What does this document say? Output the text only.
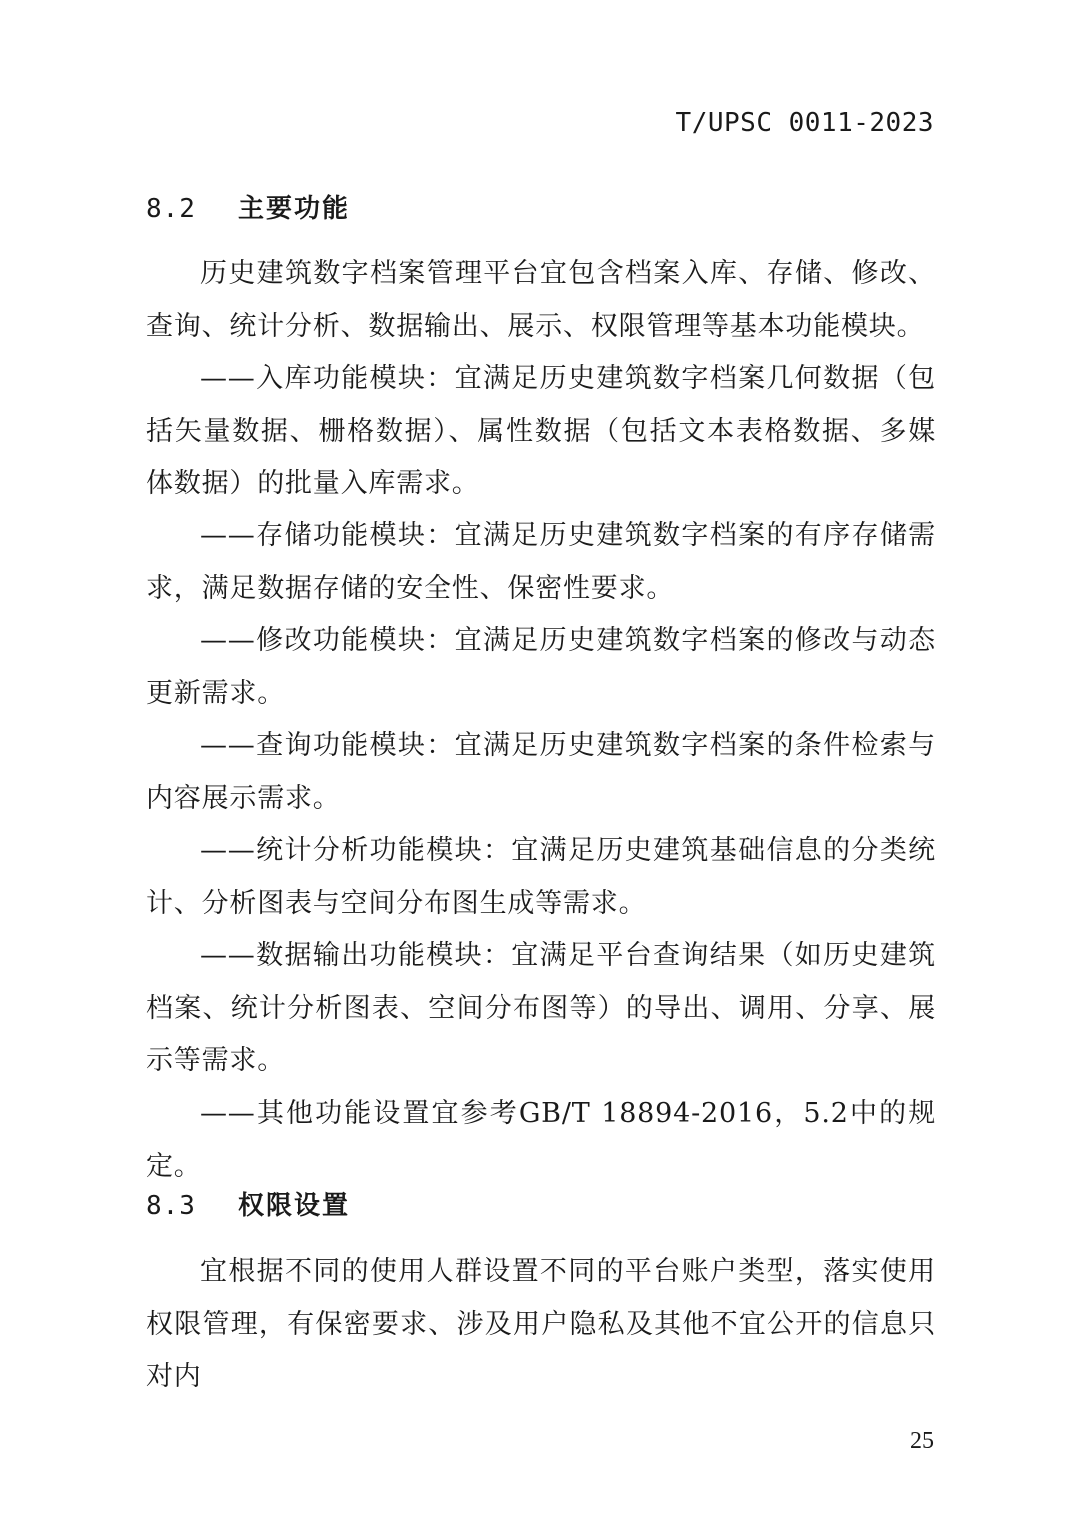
T/UPSC 0011-2023
8.2 主要功能

历史建筑数字档案管理平台宜包含档案入库、存储、修改、查询、统计分析、数据输出、展示、权限管理等基本功能模块。

——入库功能模块：宜满足历史建筑数字档案几何数据（包括矢量数据、栅格数据）、属性数据（包括文本表格数据、多媒体数据）的批量入库需求。

——存储功能模块：宜满足历史建筑数字档案的有序存储需求，满足数据存储的安全性、保密性要求。

——修改功能模块：宜满足历史建筑数字档案的修改与动态更新需求。

——查询功能模块：宜满足历史建筑数字档案的条件检索与内容展示需求。

——统计分析功能模块：宜满足历史建筑基础信息的分类统计、分析图表与空间分布图生成等需求。

——数据输出功能模块：宜满足平台查询结果（如历史建筑档案、统计分析图表、空间分布图等）的导出、调用、分享、展示等需求。

——其他功能设置宜参考GB/T 18894-2016，5.2中的规定。

8.3 权限设置

宜根据不同的使用人群设置不同的平台账户类型，落实使用权限管理，有保密要求、涉及用户隐私及其他不宜公开的信息只对内

25
